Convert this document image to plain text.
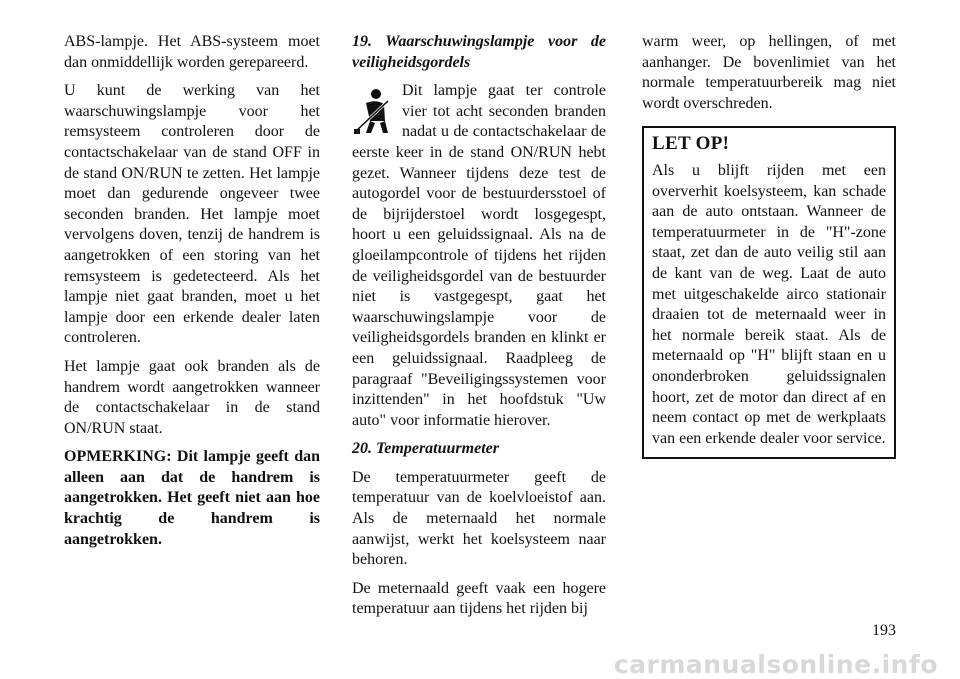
ABS-lampje. Het ABS-systeem moet dan onmiddellijk worden gerepareerd.

U kunt de werking van het waarschuwingslampje voor het remsysteem controleren door de contactschakelaar van de stand OFF in de stand ON/RUN te zetten. Het lampje moet dan gedurende ongeveer twee seconden branden. Het lampje moet vervolgens doven, tenzij de handrem is aangetrokken of een storing van het remsysteem is gedetecteerd. Als het lampje niet gaat branden, moet u het lampje door een erkende dealer laten controleren.

Het lampje gaat ook branden als de handrem wordt aangetrokken wanneer de contactschakelaar in de stand ON/RUN staat.

OPMERKING: Dit lampje geeft dan alleen aan dat de handrem is aangetrokken. Het geeft niet aan hoe krachtig de handrem is aangetrokken.

19. Waarschuwingslampje voor de veiligheidsgordels

Dit lampje gaat ter controle vier tot acht seconden branden nadat u de contactschakelaar de eerste keer in de stand ON/RUN hebt gezet. Wanneer tijdens deze test de autogordel voor de bestuurdersstoel of de bijrijderstoel wordt losgegespt, hoort u een geluidssignaal. Als na de gloeilampcontrole of tijdens het rijden de veiligheidsgordel van de bestuurder niet is vastgegespt, gaat het waarschuwingslampje voor de veiligheidsgordels branden en klinkt er een geluidssignaal. Raadpleeg de paragraaf "Beveiligingssystemen voor inzittenden" in het hoofdstuk "Uw auto" voor informatie hierover.

20. Temperatuurmeter

De temperatuurmeter geeft de temperatuur van de koelvloeistof aan. Als de meternaald het normale aanwijst, werkt het koelsysteem naar behoren.

De meternaald geeft vaak een hogere temperatuur aan tijdens het rijden bij

warm weer, op hellingen, of met aanhanger. De bovenlimiet van het normale temperatuurbereik mag niet wordt overschreden.

LET OP!

Als u blijft rijden met een oververhit koelsysteem, kan schade aan de auto ontstaan. Wanneer de temperatuurmeter in de "H"-zone staat, zet dan de auto veilig stil aan de kant van de weg. Laat de auto met uitgeschakelde airco stationair draaien tot de meternaald weer in het normale bereik staat. Als de meternaald op "H" blijft staan en u ononderbroken geluidssignalen hoort, zet de motor dan direct af en neem contact op met de werkplaats van een erkende dealer voor service.

193
carmanualsonline.info
